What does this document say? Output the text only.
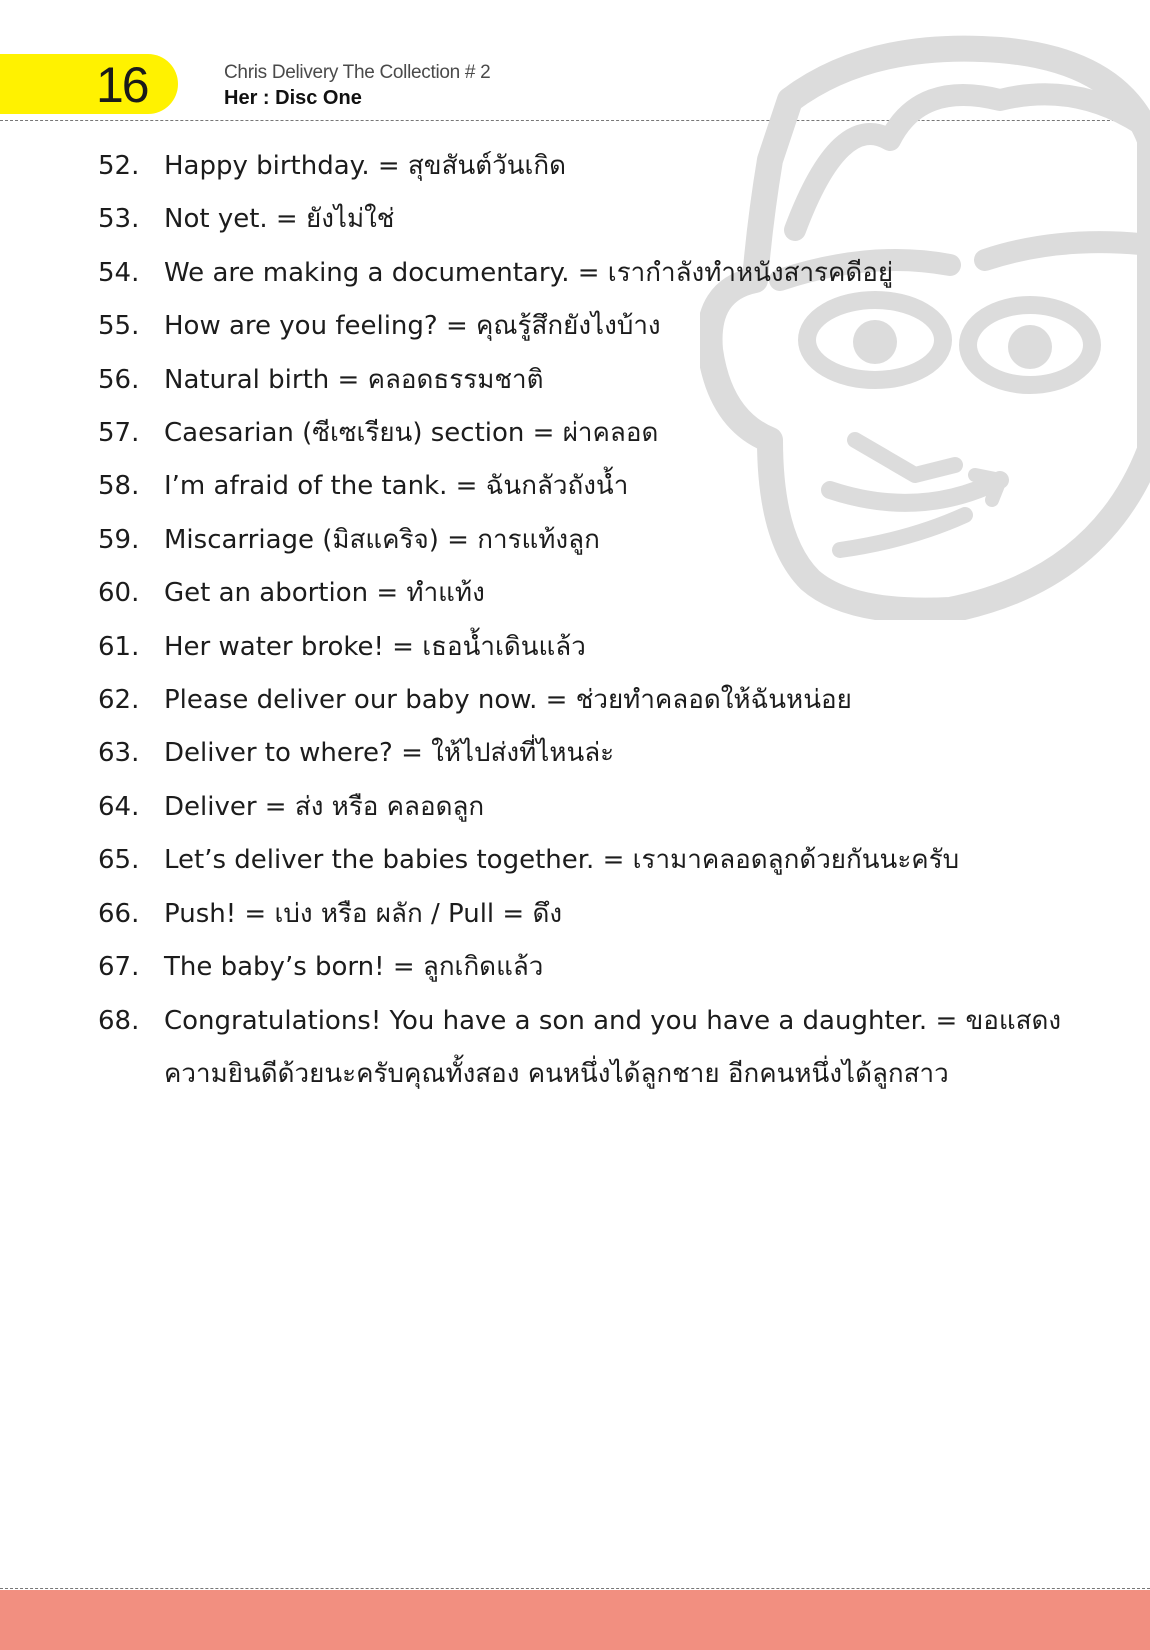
16	Chris Delivery The Collection # 2
Her : Disc One
52. Happy birthday. = สุขสันต์วันเกิด
53. Not yet. = ยังไม่ใช่
54. We are making a documentary. = เรากำลังทำหนังสารคดีอยู่
55. How are you feeling? = คุณรู้สึกยังไงบ้าง
56. Natural birth = คลอดธรรมชาติ
57. Caesarian (ซีเซเรียน) section = ผ่าคลอด
58. I’m afraid of the tank. = ฉันกลัวถังน้ำ
59. Miscarriage (มิสแคริจ) = การแท้งลูก
60. Get an abortion = ทำแท้ง
61. Her water broke! = เธอน้ำเดินแล้ว
62. Please deliver our baby now. = ช่วยทำคลอดให้ฉันหน่อย
63. Deliver to where? = ให้ไปส่งที่ไหนล่ะ
64. Deliver = ส่ง หรือ คลอดลูก
65. Let’s deliver the babies together. = เรามาคลอดลูกด้วยกันนะครับ
66. Push! = เบ่ง หรือ ผลัก / Pull = ดึง
67. The baby’s born! = ลูกเกิดแล้ว
68. Congratulations! You have a son and you have a daughter. = ขอแสดงความยินดีด้วยนะครับคุณทั้งสอง คนหนึ่งได้ลูกชาย อีกคนหนึ่งได้ลูกสาว
